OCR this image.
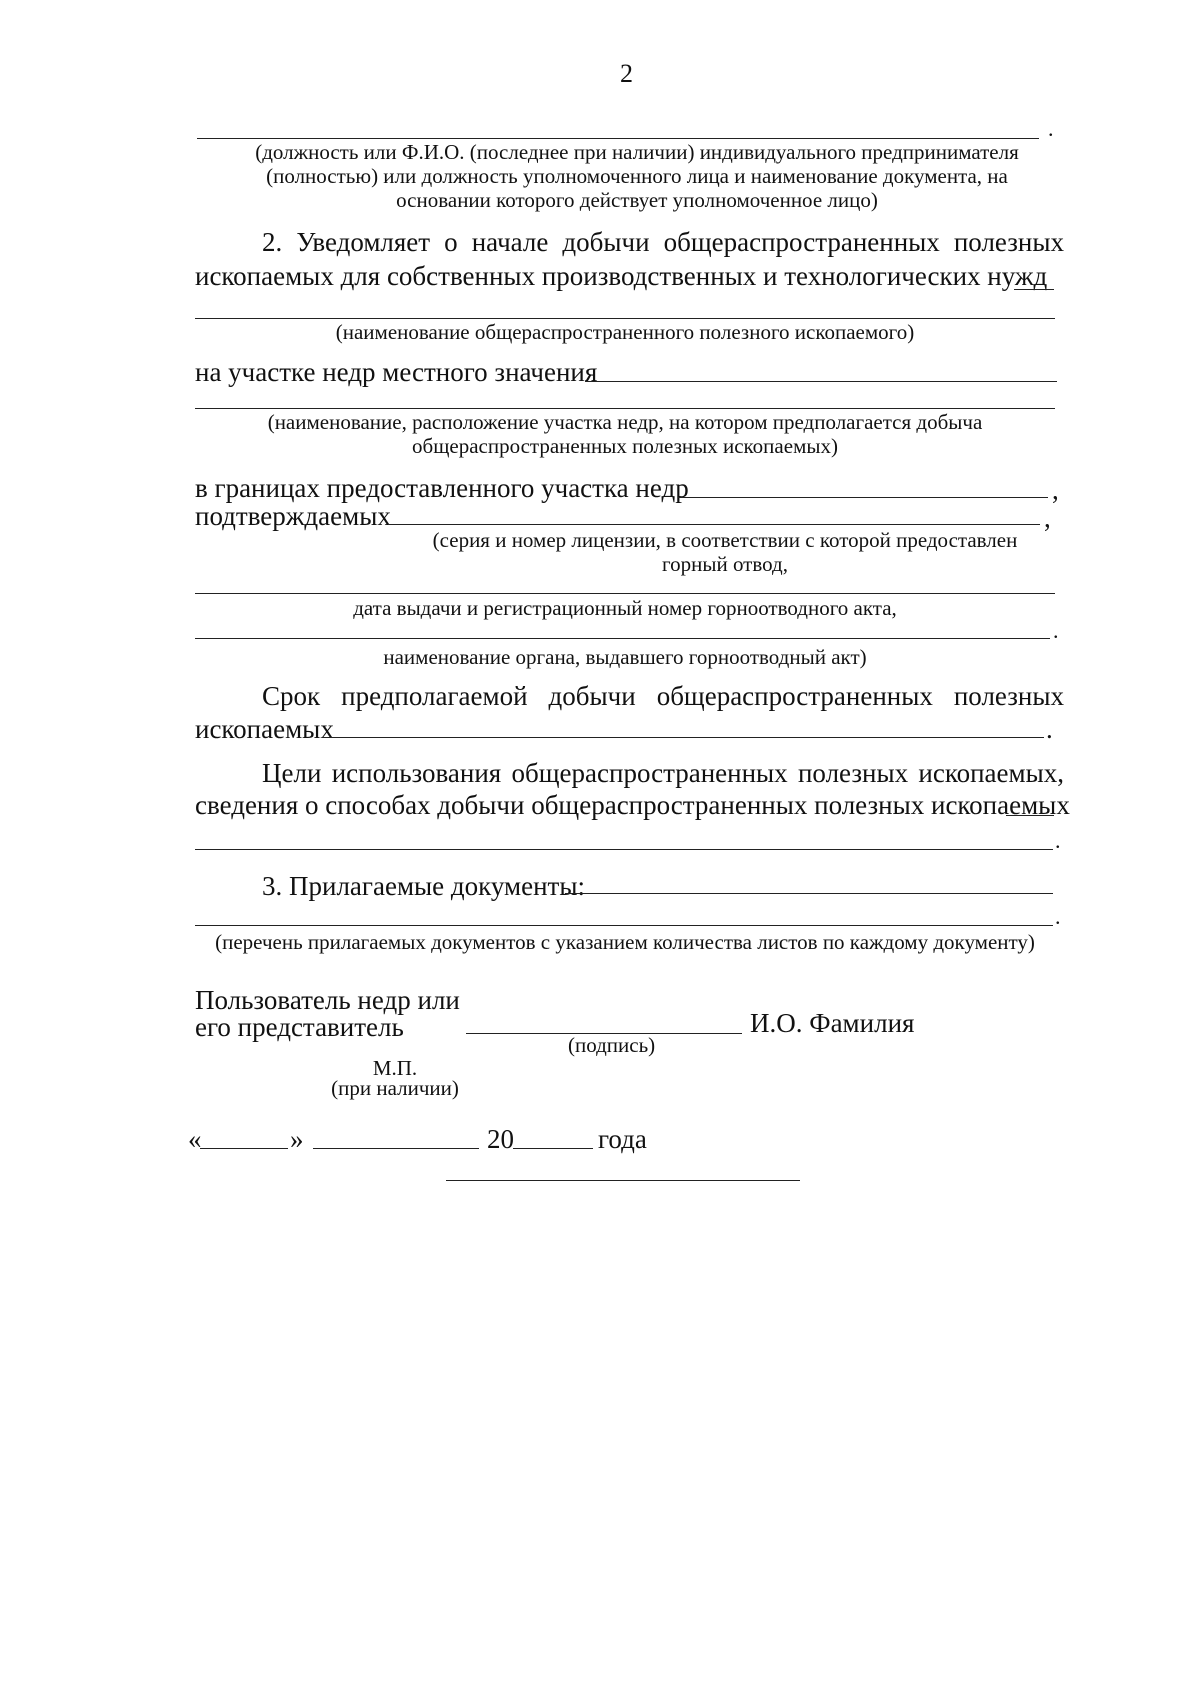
2
.
(должность или Ф.И.О. (последнее при наличии) индивидуального предпринимателя
(полностью) или должность уполномоченного лица и наименование документа, на
основании которого действует уполномоченное лицо)
2. Уведомляет о начале добычи общераспространенных полезных
ископаемых для собственных производственных и технологических нужд
(наименование общераспространенного полезного ископаемого)
на участке недр местного значения
(наименование, расположение участка недр, на котором предполагается добыча
общераспространенных полезных ископаемых)
в границах предоставленного участка недр	,
подтверждаемых	,
(серия и номер лицензии, в соответствии с которой предоставлен
горный отвод,
дата выдачи и регистрационный номер горноотводного акта,
.
наименование органа, выдавшего горноотводный акт)
Срок предполагаемой добычи общераспространенных полезных
ископаемых	.
Цели использования общераспространенных полезных ископаемых,
сведения о способах добычи общераспространенных полезных ископаемых
.
3. Прилагаемые документы:
.
(перечень прилагаемых документов с указанием количества листов по каждому документу)
Пользователь недр или
его представитель	И.О. Фамилия
(подпись)
М.П.
(при наличии)
«	»	20	года
